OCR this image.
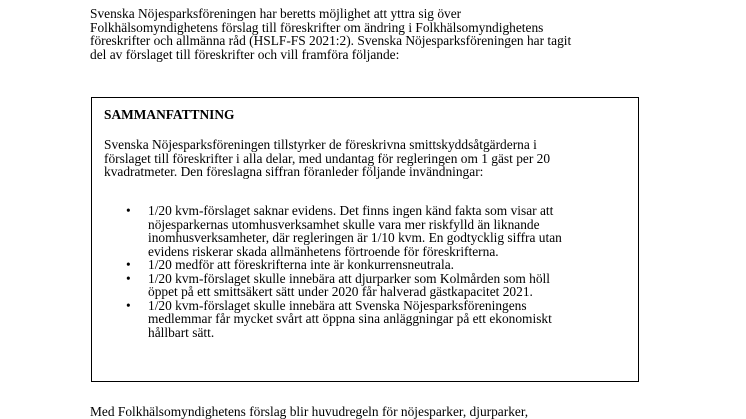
Svenska Nöjesparksföreningen har beretts möjlighet att yttra sig över
Folkhälsomyndighetens förslag till föreskrifter om ändring i Folkhälsomyndighetens
föreskrifter och allmänna råd (HSLF-FS 2021:2). Svenska Nöjesparksföreningen har tagit
del av förslaget till föreskrifter och vill framföra följande:

SAMMANFATTNING

Svenska Nöjesparksföreningen tillstyrker de föreskrivna smittskyddsåtgärderna i
förslaget till föreskrifter i alla delar, med undantag för regleringen om 1 gäst per 20
kvadratmeter. Den föreslagna siffran föranleder följande invändningar:

• 1/20 kvm-förslaget saknar evidens. Det finns ingen känd fakta som visar att
nöjesparkernas utomhusverksamhet skulle vara mer riskfylld än liknande
inomhusverksamheter, där regleringen är 1/10 kvm. En godtycklig siffra utan
evidens riskerar skada allmänhetens förtroende för föreskrifterna.
• 1/20 medför att föreskrifterna inte är konkurrensneutrala.
• 1/20 kvm-förslaget skulle innebära att djurparker som Kolmården som höll
öppet på ett smittsäkert sätt under 2020 får halverad gästkapacitet 2021.
• 1/20 kvm-förslaget skulle innebära att Svenska Nöjesparksföreningens
medlemmar får mycket svårt att öppna sina anläggningar på ett ekonomiskt
hållbart sätt.

Med Folkhälsomyndighetens förslag blir huvudregeln för nöjesparker, djurparker,
